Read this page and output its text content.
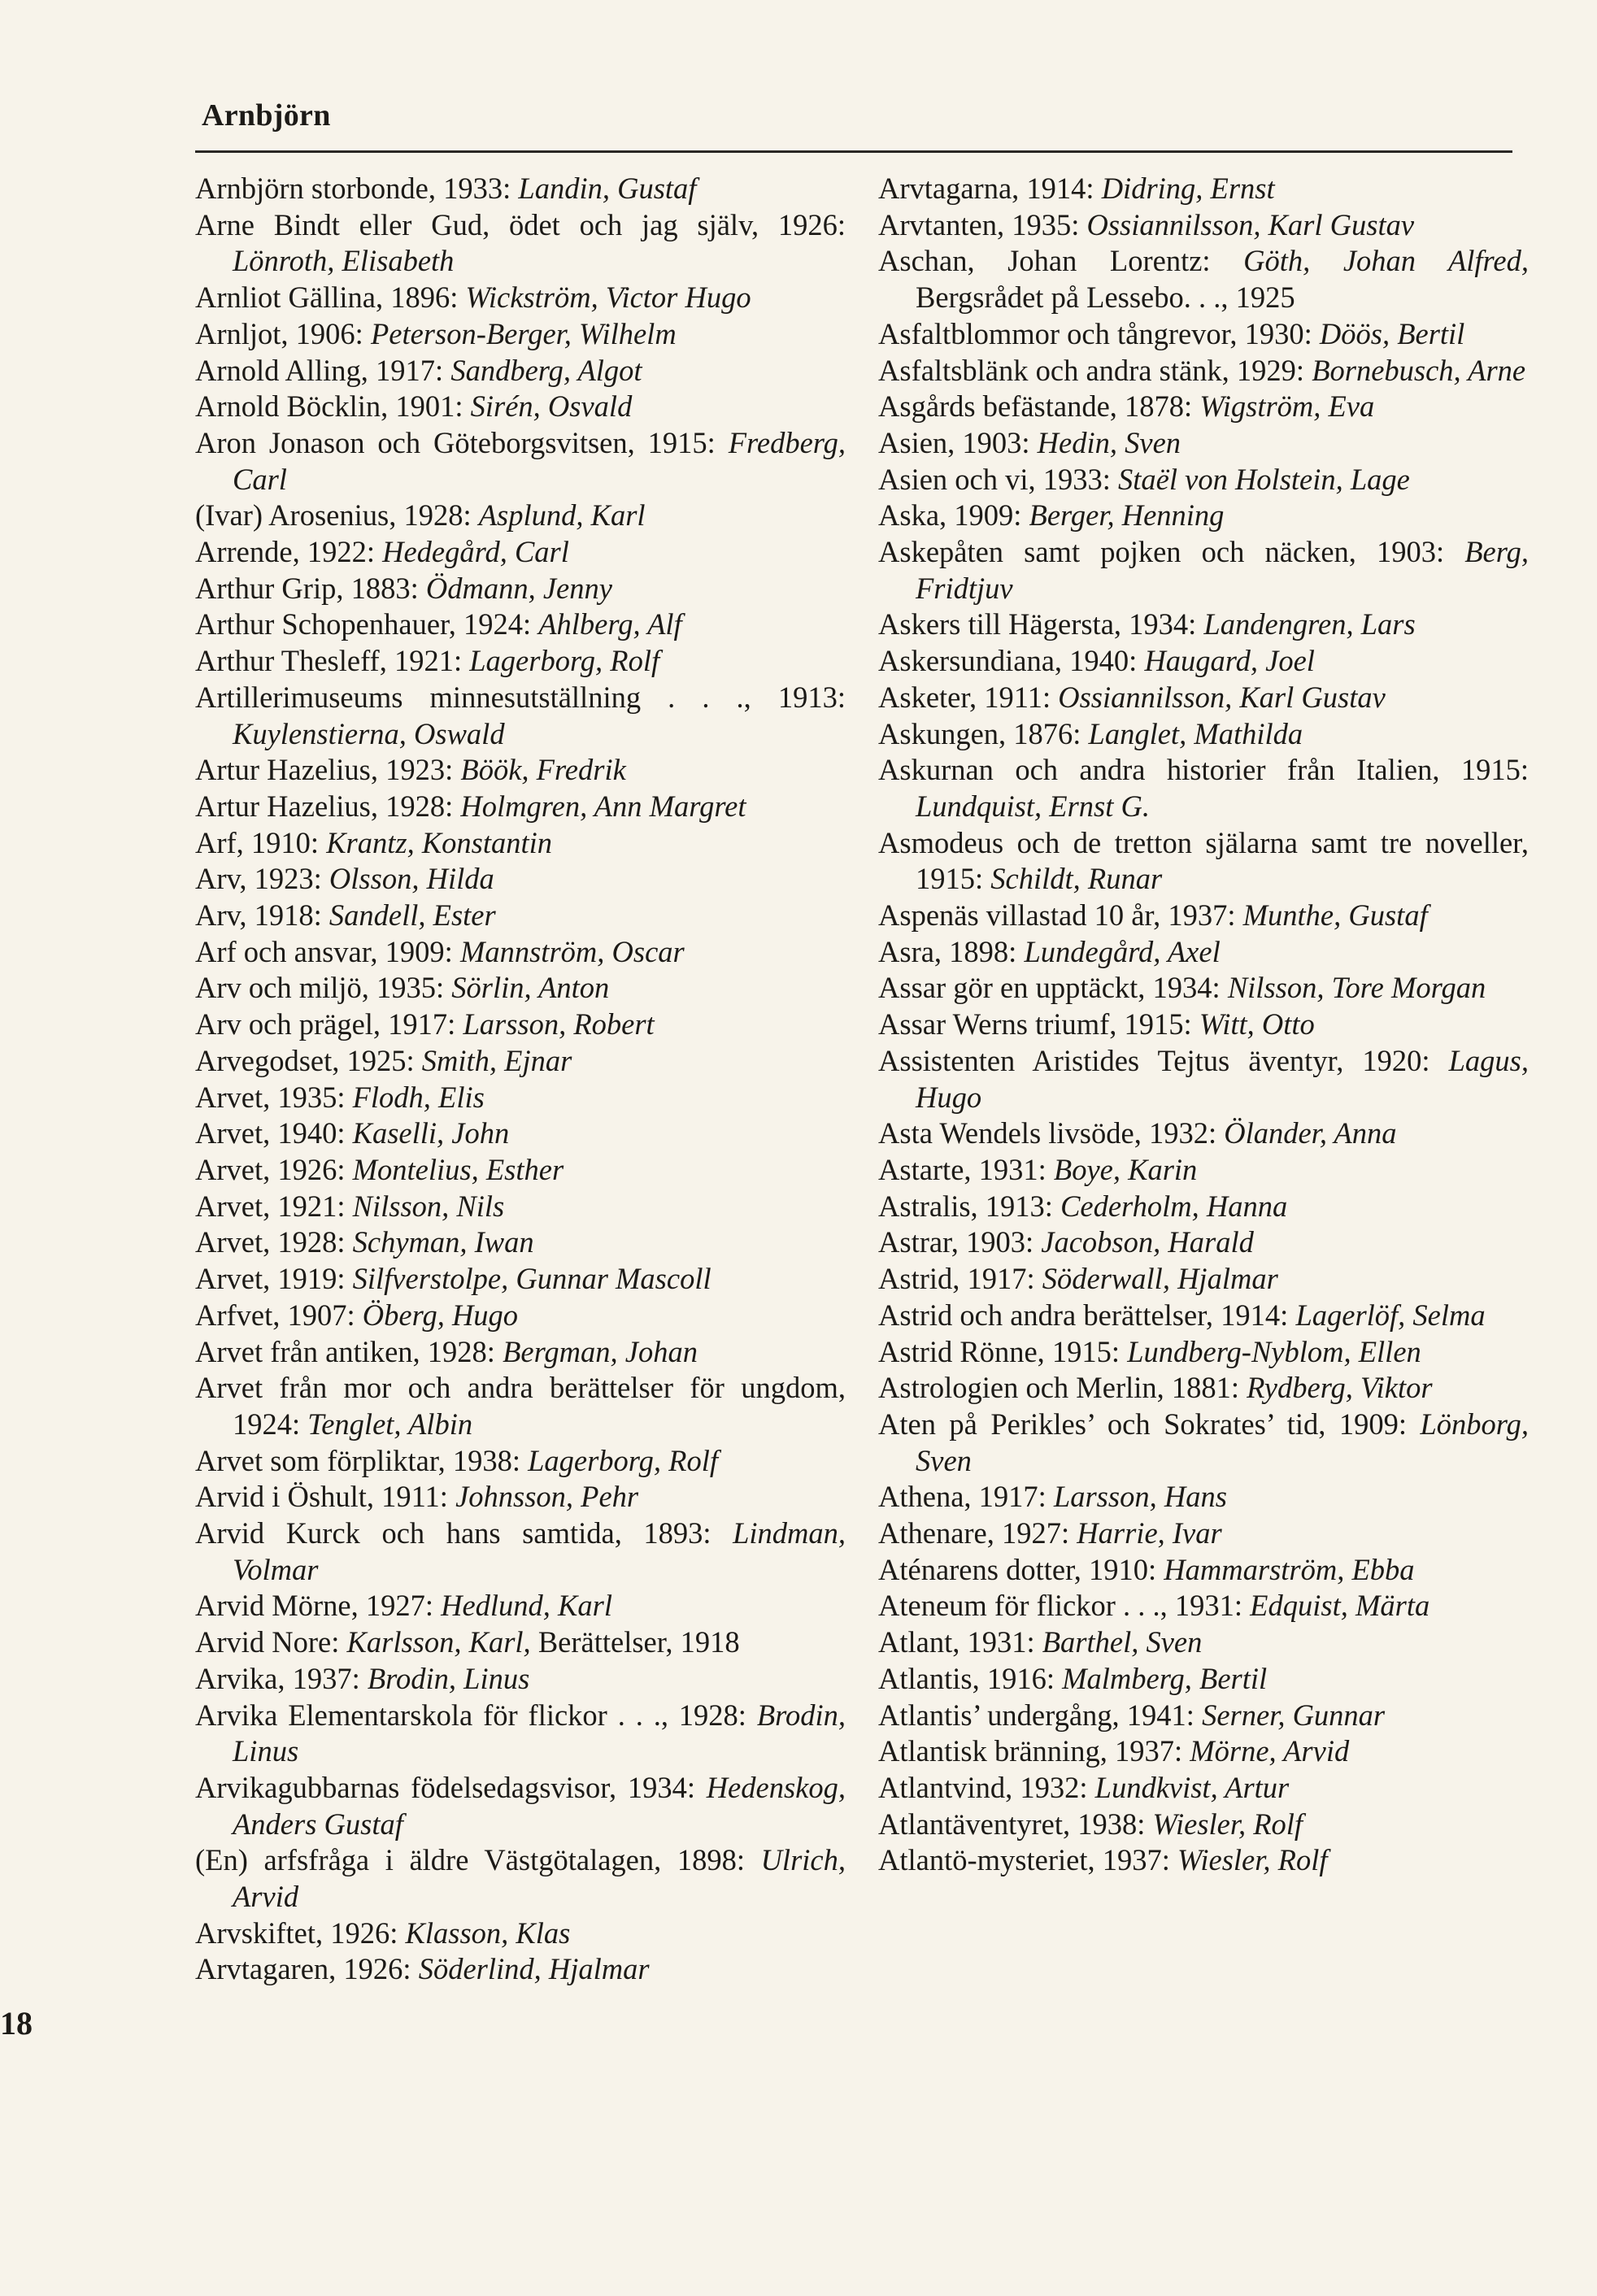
Arnbjörn

Arnbjörn storbonde, 1933: Landin, Gustaf

Arne Bindt eller Gud, ödet och jag själv, 1926: Lönroth, Elisabeth

Arnliot Gällina, 1896: Wickström, Victor Hugo

Arnljot, 1906: Peterson-Berger, Wilhelm

Arnold Alling, 1917: Sandberg, Algot

Arnold Böcklin, 1901: Sirén, Osvald

Aron Jonason och Göteborgsvitsen, 1915: Fredberg, Carl

(Ivar) Arosenius, 1928: Asplund, Karl

Arrende, 1922: Hedegård, Carl

Arthur Grip, 1883: Ödmann, Jenny

Arthur Schopenhauer, 1924: Ahlberg, Alf

Arthur Thesleff, 1921: Lagerborg, Rolf

Artillerimuseums minnesutställning . . ., 1913: Kuylenstierna, Oswald

Artur Hazelius, 1923: Böök, Fredrik

Artur Hazelius, 1928: Holmgren, Ann Margret

Arf, 1910: Krantz, Konstantin

Arv, 1923: Olsson, Hilda

Arv, 1918: Sandell, Ester

Arf och ansvar, 1909: Mannström, Oscar

Arv och miljö, 1935: Sörlin, Anton

Arv och prägel, 1917: Larsson, Robert

Arvegodset, 1925: Smith, Ejnar

Arvet, 1935: Flodh, Elis

Arvet, 1940: Kaselli, John

Arvet, 1926: Montelius, Esther

Arvet, 1921: Nilsson, Nils

Arvet, 1928: Schyman, Iwan

Arvet, 1919: Silfverstolpe, Gunnar Mascoll

Arfvet, 1907: Öberg, Hugo

Arvet från antiken, 1928: Bergman, Johan

Arvet från mor och andra berättelser för ungdom, 1924: Tenglet, Albin

Arvet som förpliktar, 1938: Lagerborg, Rolf

Arvid i Öshult, 1911: Johnsson, Pehr

Arvid Kurck och hans samtida, 1893: Lindman, Volmar

Arvid Mörne, 1927: Hedlund, Karl

Arvid Nore: Karlsson, Karl, Berättelser, 1918

Arvika, 1937: Brodin, Linus

Arvika Elementarskola för flickor . . ., 1928: Brodin, Linus

Arvikagubbarnas födelsedagsvisor, 1934: Hedenskog, Anders Gustaf

(En) arfsfråga i äldre Västgötalagen, 1898: Ulrich, Arvid

Arvskiftet, 1926: Klasson, Klas

Arvtagaren, 1926: Söderlind, Hjalmar

Arvtagarna, 1914: Didring, Ernst

Arvtanten, 1935: Ossiannilsson, Karl Gustav

Aschan, Johan Lorentz: Göth, Johan Alfred, Bergsrådet på Lessebo. . ., 1925

Asfaltblommor och tångrevor, 1930: Döös, Bertil

Asfaltsblänk och andra stänk, 1929: Bornebusch, Arne

Asgårds befästande, 1878: Wigström, Eva

Asien, 1903: Hedin, Sven

Asien och vi, 1933: Staël von Holstein, Lage

Aska, 1909: Berger, Henning

Askepåten samt pojken och näcken, 1903: Berg, Fridtjuv

Askers till Hägersta, 1934: Landengren, Lars

Askersundiana, 1940: Haugard, Joel

Asketer, 1911: Ossiannilsson, Karl Gustav

Askungen, 1876: Langlet, Mathilda

Askurnan och andra historier från Italien, 1915: Lundquist, Ernst G.

Asmodeus och de tretton själarna samt tre noveller, 1915: Schildt, Runar

Aspenäs villastad 10 år, 1937: Munthe, Gustaf

Asra, 1898: Lundegård, Axel

Assar gör en upptäckt, 1934: Nilsson, Tore Morgan

Assar Werns triumf, 1915: Witt, Otto

Assistenten Aristides Tejtus äventyr, 1920: Lagus, Hugo

Asta Wendels livsöde, 1932: Ölander, Anna

Astarte, 1931: Boye, Karin

Astralis, 1913: Cederholm, Hanna

Astrar, 1903: Jacobson, Harald

Astrid, 1917: Söderwall, Hjalmar

Astrid och andra berättelser, 1914: Lagerlöf, Selma

Astrid Rönne, 1915: Lundberg-Nyblom, Ellen

Astrologien och Merlin, 1881: Rydberg, Viktor

Aten på Perikles’ och Sokrates’ tid, 1909: Lönborg, Sven

Athena, 1917: Larsson, Hans

Athenare, 1927: Harrie, Ivar

Aténarens dotter, 1910: Hammarström, Ebba

Ateneum för flickor . . ., 1931: Edquist, Märta

Atlant, 1931: Barthel, Sven

Atlantis, 1916: Malmberg, Bertil

Atlantis’ undergång, 1941: Serner, Gunnar

Atlantisk bränning, 1937: Mörne, Arvid

Atlantvind, 1932: Lundkvist, Artur

Atlantäventyret, 1938: Wiesler, Rolf

Atlantö-mysteriet, 1937: Wiesler, Rolf

18
